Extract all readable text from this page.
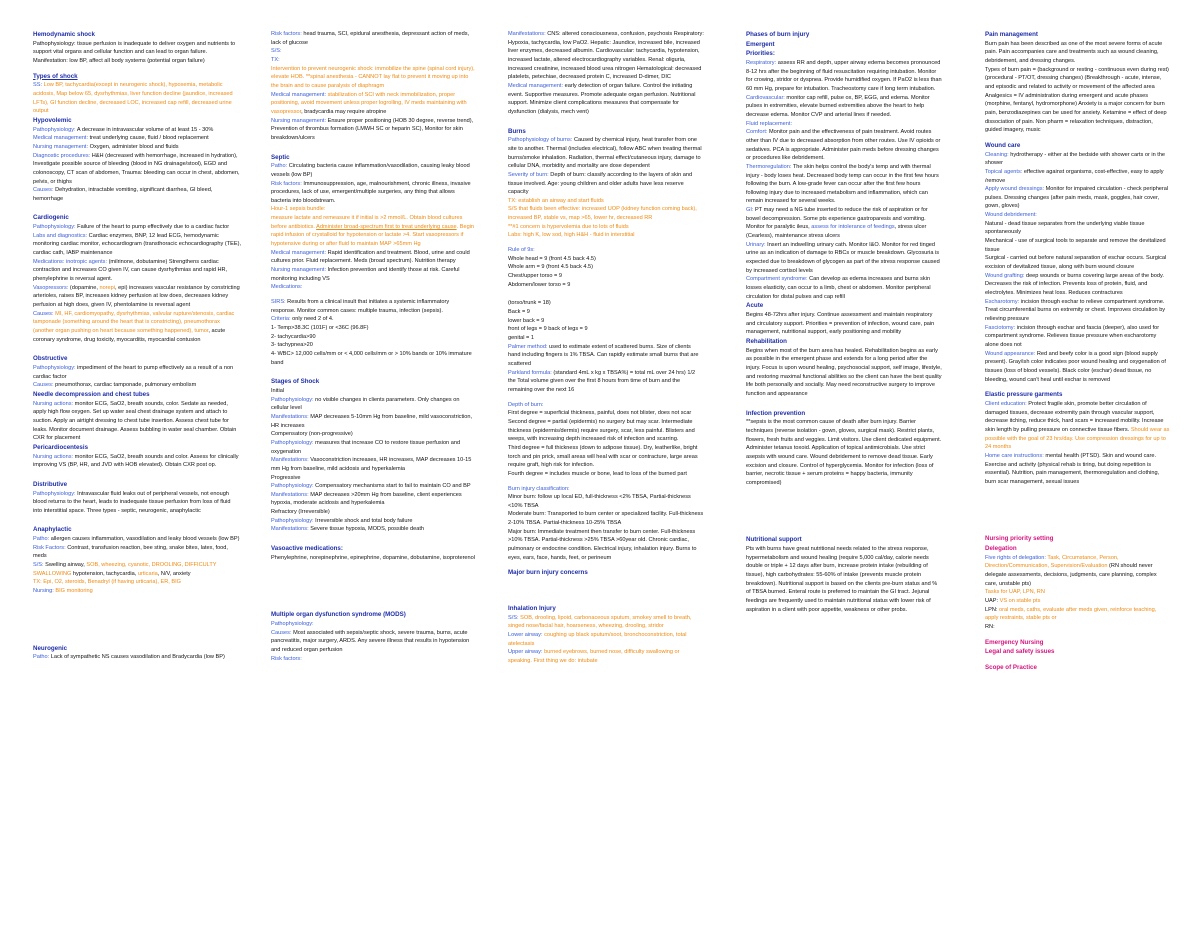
Hemodynamic shock
Pathophysiology: tissue perfusion is inadequate to deliver oxygen and nutrients to support vital organs and cellular function and can lead to organ failure. Manifestation: low BP, affect all body systems (potential organ failure)
Types of shock
SS: Low BP, tachycardia(except in neurogenic shock), hypoxemia, metabolic acidosis, Map below 65, dysrhythmias, liver function decline (jaundice, increased LFTs), GI function decline, decreased LOC, increased cap refill, decreased urine output
Hypovolemic
Pathophysiology: A decrease in intravascular volume of at least 15 - 30%
Medical management: treat underlying cause, fluid / blood replacement
Nursing management: Oxygen, administer blood and fluids
Diagnostic procedures: H&H (decreased with hemorrhage, increased in hydration), Investigate possible source of bleeding (blood in NG drainage/stool), EGD and colonoscopy, CT scan of abdomen, Trauma: bleeding can occur in chest, abdomen, pelvis, or thighs
Causes: Dehydration, intractable vomiting, significant diarrhea, GI bleed, hemorrhage
Cardiogenic
Pathophysiology: Failure of the heart to pump effectively due to a cardiac factor
Labs and diagnostics: Cardiac enzymes, BNP, 12 lead ECG, hemodynamic monitoring cardiac monitor, echocardiogram (transthoracic echocardiography (TEE), cardiac cath, IABP maintenance
Medications: inotropic agents: (milrinone, dobutamine) Strengthens cardiac contraction and increases CO given IV, can cause dysrhythmias and rapid HR, phenylephrine is reversal agent.
Vasopressors: (dopamine, norepi, epi) increases vascular resistance by constricting arterioles, raises BP, increases kidney perfusion at low does, decreases kidney perfusion at high does, given IV, phentolamine is reversal agent
Causes: MI, HF, cardiomyopathy, dysrhythmias, valvular rupture/stenosis, cardiac tamponade (something around the heart that is constricting), pneumothorax (another organ pushing on heart because something happened), tumor, acute coronary syndrome, drug toxicity, myocarditis, myocardial contusion
Obstructive
Pathophysiology: impediment of the heart to pump effectively as a result of a non cardiac factor
Causes: pneumothorax, cardiac tamponade, pulmonary embolism
Needle decompression and chest tubes
Nursing actions: monitor ECG, SaO2, breath sounds, color. Sedate as needed, apply high flow oxygen. Set up water seal chest drainage system and attach to suction. Apply an airtight dressing to chest tube insertion. Assess chest tube for leaks. Monitor document drainage. Assess bubbling in water seal chamber. Obtain CXR for placement
Pericardiocentesis
Nursing actions: monitor ECG, SaO2, breath sounds and color. Assess for clinically improving VS (BP, HR, and JVD with HOB elevated). Obtain CXR post op.
Distributive
Pathophysiology: Intravascular fluid leaks out of peripheral vessels, not enough blood returns to the heart, leads to inadequate tissue perfusion from loss of fluid into interstitial space. Three types - septic, neurogenic, anaphylactic
Anaphylactic
Patho: allergen causes inflammation, vasodilation and leaky blood vessels (low BP)
Risk Factors: Contrast, transfusion reaction, bee sting, snake bites, latex, food, meds
S/S: Swelling airway, SOB, wheezing, cyanotic, DROOLING, DIFFICULTY SWALLOWING hypotension, tachycardia, urticaria, N/V, anxiety
TX: Epi, O2, steroids, Benadryl (if having urticaria), ER, BIG
Nursing: BIG monitoring
Neurogenic
Patho: Lack of sympathetic NS causes vasodilation and Bradycardia (low BP)
Risk factors: head trauma, SCI, epidural anesthesia, depressant action of meds, lack of glucose
S/S:
TX:
Intervention to prevent neurogenic shock: immobilize the spine (spinal cord injury), elevate HOB. **spinal anesthesia - CANNOT lay flat to prevent it moving up into the brain and to cause paralysis of diaphragm
Medical management: stabilization of SCI with neck immobilization, proper positioning, avoid movement unless proper logrolling, IV meds maintaining with vasopressor, bradycardia may require atropine
Nursing management: Ensure proper positioning (HOB 30 degree, reverse trend), Prevention of thrombus formation (LMWH SC or heparin SC), Monitor for skin breakdown/ulcers
Septic
Patho: Circulating bacteria cause inflammation/vasodilation, causing leaky blood vessels (low BP)
Risk factors: Immunosuppression, age, malnourishment, chronic illness, invasive procedures, lack of use, emergent/multiple surgeries, any thing that allows bacteria into bloodstream.
Hour-1 sepsis bundle:
measure lactate and remeasure it if initial is >2 mmol/L. Obtain blood cultures before antibiotics. Administer broad-spectrum first to treat underlying cause. Begin rapid infusion of crystalloid for hypotension or lactate >4. Start vasopressors if hypotensive during or after fluid to maintain MAP >65mm Hg
Medical management: Rapid identification and treatment. Blood, urine and could cultures prior. Fluid replacement. Meds (broad spectrum). Nutrition therapy
Nursing management: Infection prevention and identify those at risk. Careful monitoring including VS
Medications:
SIRS: Results from a clinical insult that initiates a systemic inflammatory response. Monitor common cases: multiple trauma, infection (sepsis).
Criteria: only need 2 of 4.
1- Temp>38.3C (101F) or <36C (96.8F)
2- tachycardia>90
3- tachypnea>20
4- WBC> 12,000 cells/mm or < 4,000 cells/mm or > 10% bands or 10% immature band
Stages of Shock
Initial
Pathophysiology: no visible changes in clients parameters. Only changes on cellular level
Manifestations: MAP decreases 5-10mm Hg from baseline, mild vasoconstriction, HR increases
Compensatory (non-progressive)
Pathophysiology: measures that increase CO to restore tissue perfusion and oxygenation
Manifestations: Vasoconstriction increases, HR increases, MAP decreases 10-15 mm Hg from baseline, mild acidosis and hyperkalemia
Progressive
Pathophysiology: Compensatory mechanisms start to fail to maintain CO and BP
Manifestations: MAP decreases >20mm Hg from baseline, client experiences hypoxia, moderate acidosis and hyperkalemia
Refractory (Irreversible)
Pathophysiology: Irreversible shock and total body failure
Manifestations: Severe tissue hypoxia, MODS, possible death
Vasoactive medications:
Phenylephrine, norepinephrine, epinephrine, dopamine, dobutamine, isoproterenol
Multiple organ dysfunction syndrome (MODS)
Pathophysiology:
Causes: Most associated with sepsis/septic shock, severe trauma, burns, acute pancreatitis, major surgery, ARDS. Any severe illness that results in hypotension and reduced organ perfusion
Risk factors:
Manifestations: CNS: altered consciousness, confusion, psychosis Respiratory: Hypoxia, tachycardia, low PaO2. Hepatic: Jaundice, increased bile, increased liver enzymes, decreased albumin. Cardiovascular: tachycardia, hypotension, increased lactate, altered electrocardiography variables. Renal: oliguria, increased creatinine, increased blood urea nitrogen Hematological: decreased platelets, petechiae, decreased protein C, increased D-dimer, DIC
Medical management: early detection of organ failure. Control the initiating event. Supportive measures. Promote adequate organ perfusion. Nutritional support. Minimize client complications measures that compensate for dysfunction (dialysis, mech vent)
Burns
Pathophysiology of burns: Caused by chemical injury, heat transfer from one site to another. Thermal (includes electrical), follow ABC when treating thermal burns/smoke inhalation. Radiation, thermal effect/cutaneous injury, damage to cellular DNA, morbidity and mortality are dose dependent
Severity of burn: Depth of burn: classify according to the layers of skin and tissue involved. Age: young children and older adults have less reserve capacity
TX: establish an airway and start fluids
S/S that fluids been effective: increased UOP (kidney function coming back), increased BP, stable vs, map >65, lower hr, decreased RR
**#1 concern is hypervolemia due to lots of fluids
Labs: high K, low sod, high H&H - fluid in interstitial
Rule of 9s:
Whole head = 9 (front 4.5 back 4.5)
Whole arm = 9 (front 4.5 back 4.5)
Chest/upper torso = 9
Abdomen/lower torso = 9
(torso/trunk = 18)
Back = 9
lower back = 9
front of legs = 9 back of legs = 9
genital = 1
Palmer method: used to estimate extent of scattered burns. Size of clients hand including fingers is 1% TBSA. Can rapidly estimate small burns that are scattered
Parkland formula: (standard 4mL x kg x TBSA%) = total mL over 24 hrs) 1/2 the Total volume given over the first 8 hours from time of burn and the remaining over the next 16
Depth of burn:
First degree = superficial thickness, painful, does not blister, does not scar
Second degree = partial (epidermis) no surgery but may scar. Intermediate thickness (epidermis/dermis) require surgery, scar, less painful. Blisters and weeps, with increasing depth increased risk of infection and scarring.
Third degree = full thickness (down to adipose tissue). Dry, leatherlike, bright torch and pin prick, small areas will heal with scar or contracture, large areas require graft, high risk for infection.
Fourth degree = includes muscle or bone, lead to loss of the burned part
Burn injury classification:
Minor burn: follow up local ED, full-thickness <2% TBSA, Partial-thickness <10% TBSA
Moderate burn: Transported to burn center or specialized facility. Full-thickness 2-10% TBSA. Partial-thickness 10-25% TBSA
Major burn: Immediate treatment then transfer to burn center. Full-thickness >10% TBSA. Partial-thickness >25% TBSA >60year old. Chronic cardiac, pulmonary or endocrine condition. Electrical injury, inhalation injury. Burns to eyes, ears, face, hands, feet, or perineum
Major burn injury concerns
Inhalation Injury
S/S: SOB, drooling, lipoid, carbonaceous sputum, smokey smell to breath, singed nose/facial hair, hoarseness, wheezing, drooling, stridor
Lower airway: coughing up black sputum/soot, bronchoconstriction, total atelectasis
Upper airway: burned eyebrows, burned nose, difficulty swallowing or speaking. First thing we do: intubate
Phases of burn injury
Emergent
Priorities:
Respiratory: assess RR and depth, upper airway edema becomes pronounced 8-12 hrs after the beginning of fluid resuscitation requiring intubation. Monitor for crowing, stridor or dyspnea. Provide humidified oxygen. If PaO2 is less than 60 mm Hg, prepare for intubation. Tracheostomy care if long term intubation.
Cardiovascular: monitor cap refill, pulse ox, BP, EGG, and edema. Monitor pulses in extremities, elevate burned extremities above the heart to help decrease edema. Monitor CVP and arterial lines if needed.
Fluid replacement:
Comfort: Monitor pain and the effectiveness of pain treatment. Avoid routes other than IV due to decreased absorption from other routes. Use IV opioids or sedatives. PCA is appropriate. Administer pain meds before dressing changes or procedures like debridement.
Thermoregulation: The skin helps control the body's temp and with thermal injury - body loses heat. Decreased body temp can occur in the first few hours following the burn. A low-grade fever can occur after the first few hours following injury due to increased metabolism and inflammation, which can remain increased for several weeks.
GI: PT may need a NG tube inserted to reduce the risk of aspiration or for bowel decompression. Some pts experience gastroparesis and vomiting. Monitor for paralytic ileus, assess for intolerance of feedings, stress ulcer (Cearless), maintenance stress ulcers
Urinary: Insert an indwelling urinary cath. Monitor I&O. Monitor for red tinged urine as an indication of damage to RBCs or muscle breakdown. Glycosuria is expected due to breakdown of glycogen as part of the stress response caused by increased cortisol levels
Compartment syndrome: Can develop as edema increases and burns skin losses elasticity, can occur to a limb, chest or abdomen. Monitor peripheral circulation for distal pulses and cap refill
Acute
Begins 48-72hrs after injury. Continue assessment and maintain respiratory and circulatory support. Priorities = prevention of infection, wound care, pain management, nutritional support, early positioning and mobility
Rehabilitation
Begins when most of the burn area has healed. Rehabilitation begins as early as possible in the emergent phase and extends for a long period after the injury. Focus is upon wound healing, psychosocial support, self image, lifestyle, and restoring maximal functional abilities so the client can have the best quality life both personally and socially. May need reconstructive surgery to improve function and appearance
Infection prevention
**sepsis is the most common cause of death after burn injury. Barrier techniques (reverse isolation - gown, gloves, surgical mask). Restrict plants, flowers, fresh fruits and veggies. Limit visitors. Use client dedicated equipment. Administer tetanus toxoid. Application of topical antimicrobials. Use strict asepsis with wound care. Wound debridement to remove dead tissue. Early excision and closure. Control of hyperglycemia. Monitor for infection (loss of barrier, necrotic tissue + serum proteins = happy bacteria, immunity compromised)
Nutritional support
Pts with burns have great nutritional needs related to the stress response, hypermetabolism and wound healing (require 5,000 cal/day, calorie needs double or triple + 12 days after burn, increase protein intake (rebuilding of tissue), high carbohydrates: 55-60% of intake (prevents muscle protein breakdown). Nutritional support is based on the clients pre-burn status and % of TBSA burned. Enteral route is preferred to maintain the GI tract. Jejunal feedings are frequently used to maintain nutritional status with lower risk of aspiration in a client with poor appetite, weakness or other probs.
Pain management
Burn pain has been described as one of the most severe forms of acute pain. Pain accompanies care and treatments such as wound cleaning, debridement, and dressing changes.
Types of burn pain = (background or resting - continuous even during rest) (procedural - PT/OT, dressing changes) (Breakthrough - acute, intense, and episodic and related to activity or movement of the affected area
Analgesics = IV administration during emergent and acute phases (morphine, fentanyl, hydromorphone) Anxiety is a major concern for burn pain, benzodiazepines can be used for anxiety. Ketamine = effect of deep dissociation of pain. Non pharm = relaxation techniques, distraction, guided imagery, music
Wound care
Cleaning: hydrotherapy - either at the bedside with shower carts or in the shower
Topical agents: effective against organisms, cost-effective, easy to apply /remove
Apply wound dressings: Monitor for impaired circulation - check peripheral pulses. Dressing changes (after pain meds, mask, goggles, hair cover, gown, gloves)
Wound debridement:
Natural - dead tissue separates from the underlying viable tissue spontaneously
Mechanical - use of surgical tools to separate and remove the devitalized tissue
Surgical - carried out before natural separation of eschar occurs. Surgical excision of devitalized tissue, along with burn wound closure
Wound grafting: deep wounds or burns covering large areas of the body. Decreases the risk of infection. Prevents loss of protein, fluid, and electrolytes. Minimizes heat loss. Reduces contractures
Escharotomy: incision through eschar to relieve compartment syndrome. Treat circumferential burns on extremity or chest. Improves circulation by relieving pressure
Fasciotomy: incision through eschar and fascia (deeper), also used for compartment syndrome. Relieves tissue pressure when escharotomy alone does not
Wound appearance: Red and beefy color is a good sign (blood supply present). Gray/ish color indicates poor wound healing and oxygenation of tissues (loss of blood vessels). Black color (eschar) dead tissue, no bleeding, wound can't heal until eschar is removed
Elastic pressure garments
Client education: Protect fragile skin, promote better circulation of damaged tissues, decrease extremity pain through vascular support, decrease itching, reduce thick, hard scars = increased mobility. Increase skin length by pulling pressure on connective tissue fibers. Should wear as possible with the goal of 23 hrs/day. Use compression dressings for up to 24 months
Home care instructions: mental health (PTSD). Skin and wound care. Exercise and activity (physical rehab is tiring, but doing repetition is essential). Nutrition, pain management, thermoregulation and clothing, burn scar management, sexual issues
Nursing priority setting
Delegation
Five rights of delegation: Task, Circumstance, Person, Direction/Communication, Supervision/Evaluation (RN should never delegate assessments, decisions, judgments, care planning, complex care, unstable pts)
Tasks for UAP, LPN, RN
UAP: VS on stable pts
LPN: oral meds, caths, evaluate after meds given, reinforce teaching, apply restraints, stable pts or
RN:
Emergency Nursing
Legal and safety issues
Scope of Practice
